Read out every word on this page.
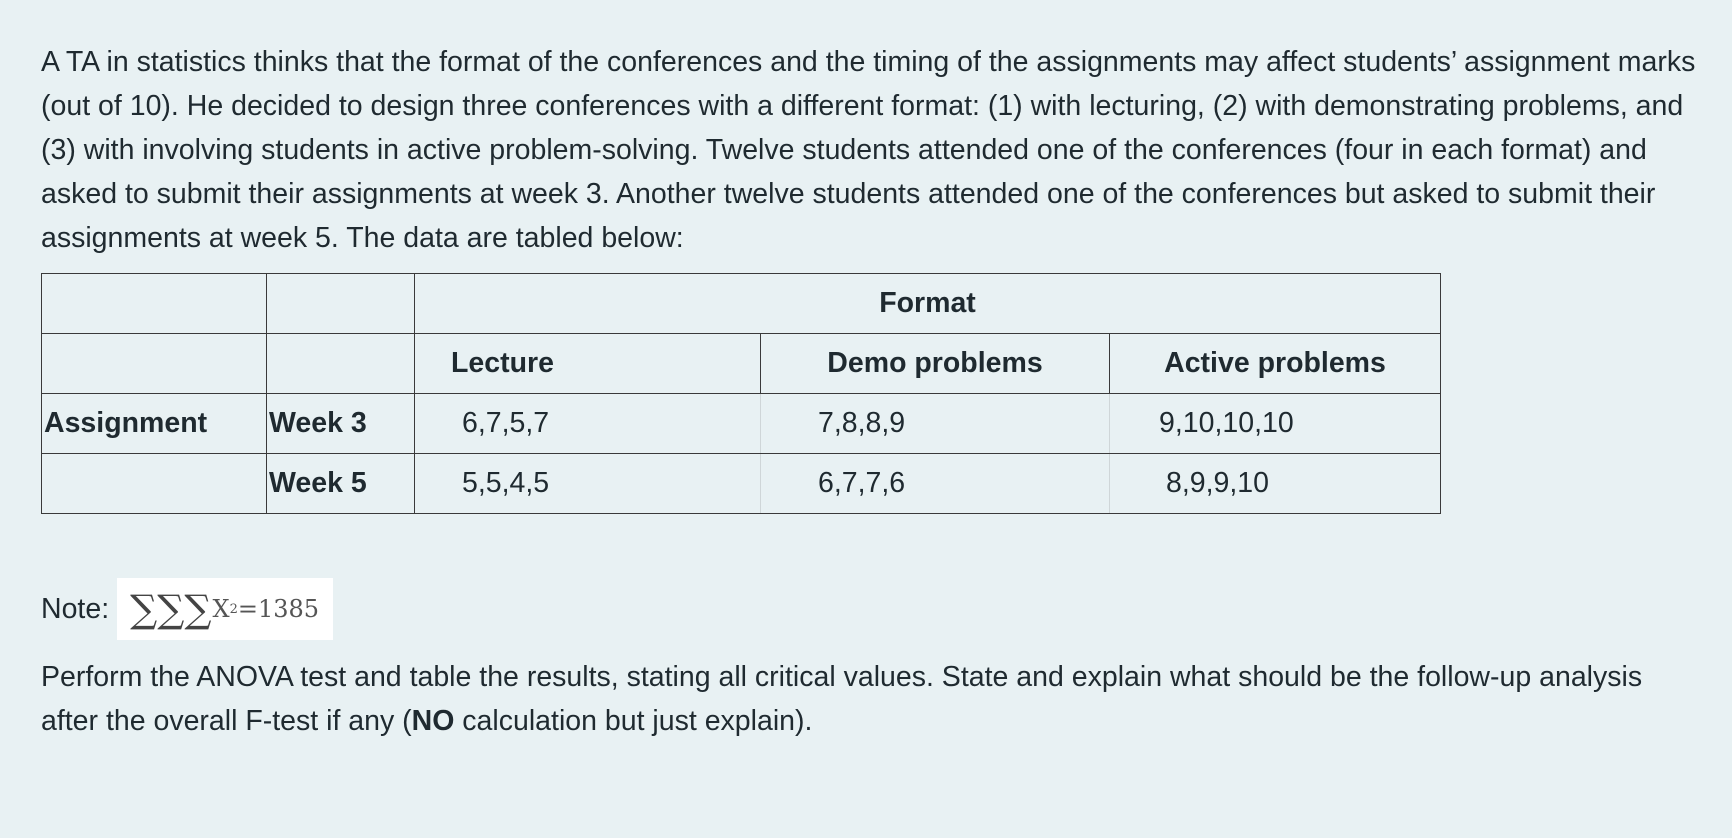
A TA in statistics thinks that the format of the conferences and the timing of the assignments may affect students’ assignment marks (out of 10). He decided to design three conferences with a different format: (1) with lecturing, (2) with demonstrating problems, and (3) with involving students in active problem-solving. Twelve students attended one of the conferences (four in each format) and asked to submit their assignments at week 3. Another twelve students attended one of the conferences but asked to submit their assignments at week 5. The data are tabled below:

		Format		
		Lecture	Demo problems	Active problems
Assignment	Week 3	6,7,5,7	7,8,8,9	9,10,10,10
	Week 5	5,5,4,5	6,7,7,6	8,9,9,10
Note: ∑∑∑ X 2 =1385

Perform the ANOVA test and table the results, stating all critical values. State and explain what should be the follow-up analysis after the overall F-test if any (NO calculation but just explain).
